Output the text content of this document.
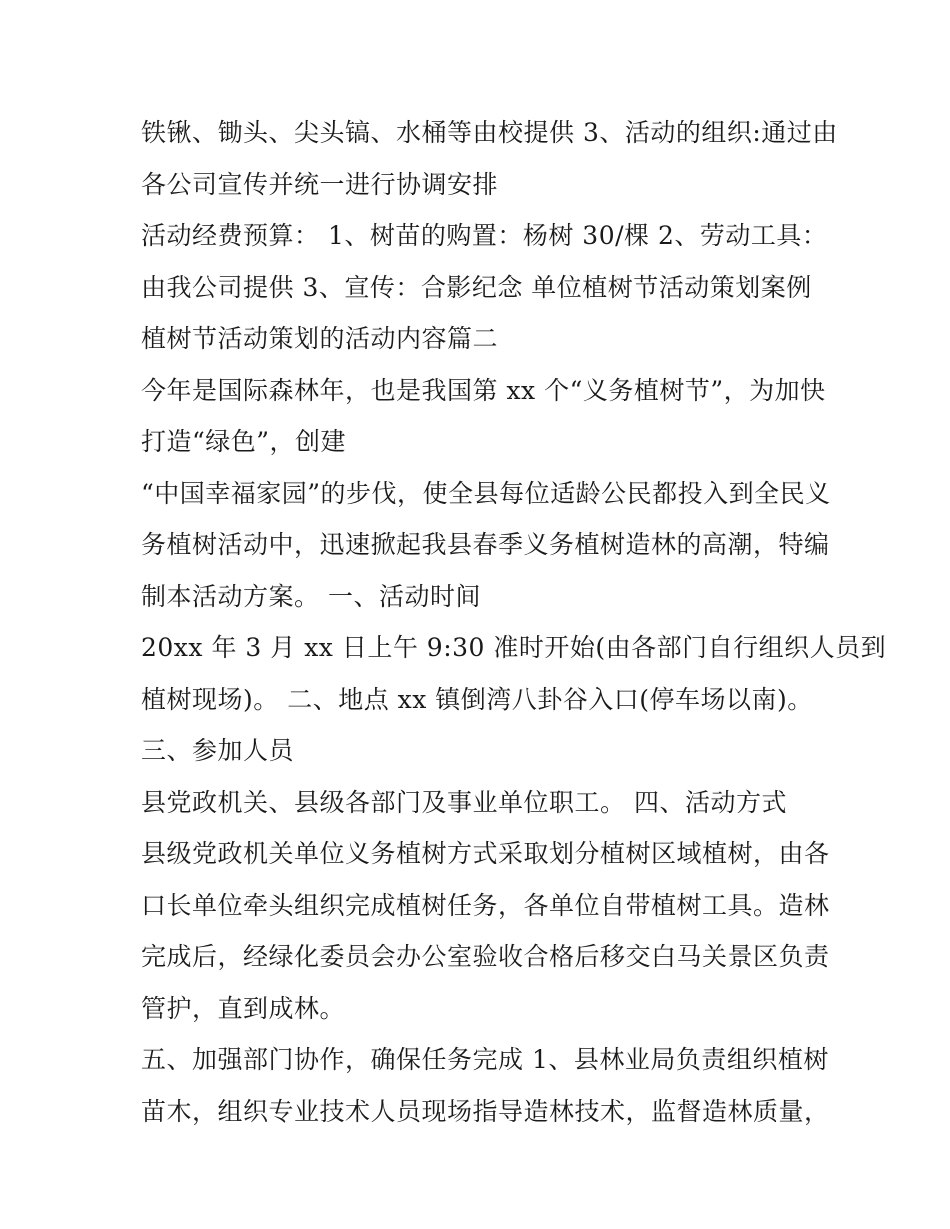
铁锹、锄头、尖头镐、水桶等由校提供 3、活动的组织:通过由
各公司宣传并统一进行协调安排
活动经费预算： 1、树苗的购置：杨树 30/棵 2、劳动工具：
由我公司提供 3、宣传：合影纪念 单位植树节活动策划案例
植树节活动策划的活动内容篇二
今年是国际森林年，也是我国第 xx 个“义务植树节”，为加快
打造“绿色”，创建
“中国幸福家园”的步伐，使全县每位适龄公民都投入到全民义
务植树活动中，迅速掀起我县春季义务植树造林的高潮，特编
制本活动方案。 一、活动时间
20xx 年 3 月 xx 日上午 9:30 准时开始(由各部门自行组织人员到
植树现场)。 二、地点 xx 镇倒湾八卦谷入口(停车场以南)。
三、参加人员
县党政机关、县级各部门及事业单位职工。 四、活动方式
县级党政机关单位义务植树方式采取划分植树区域植树，由各
口长单位牵头组织完成植树任务，各单位自带植树工具。造林
完成后，经绿化委员会办公室验收合格后移交白马关景区负责
管护，直到成林。
五、加强部门协作，确保任务完成 1、县林业局负责组织植树
苗木，组织专业技术人员现场指导造林技术，监督造林质量，
